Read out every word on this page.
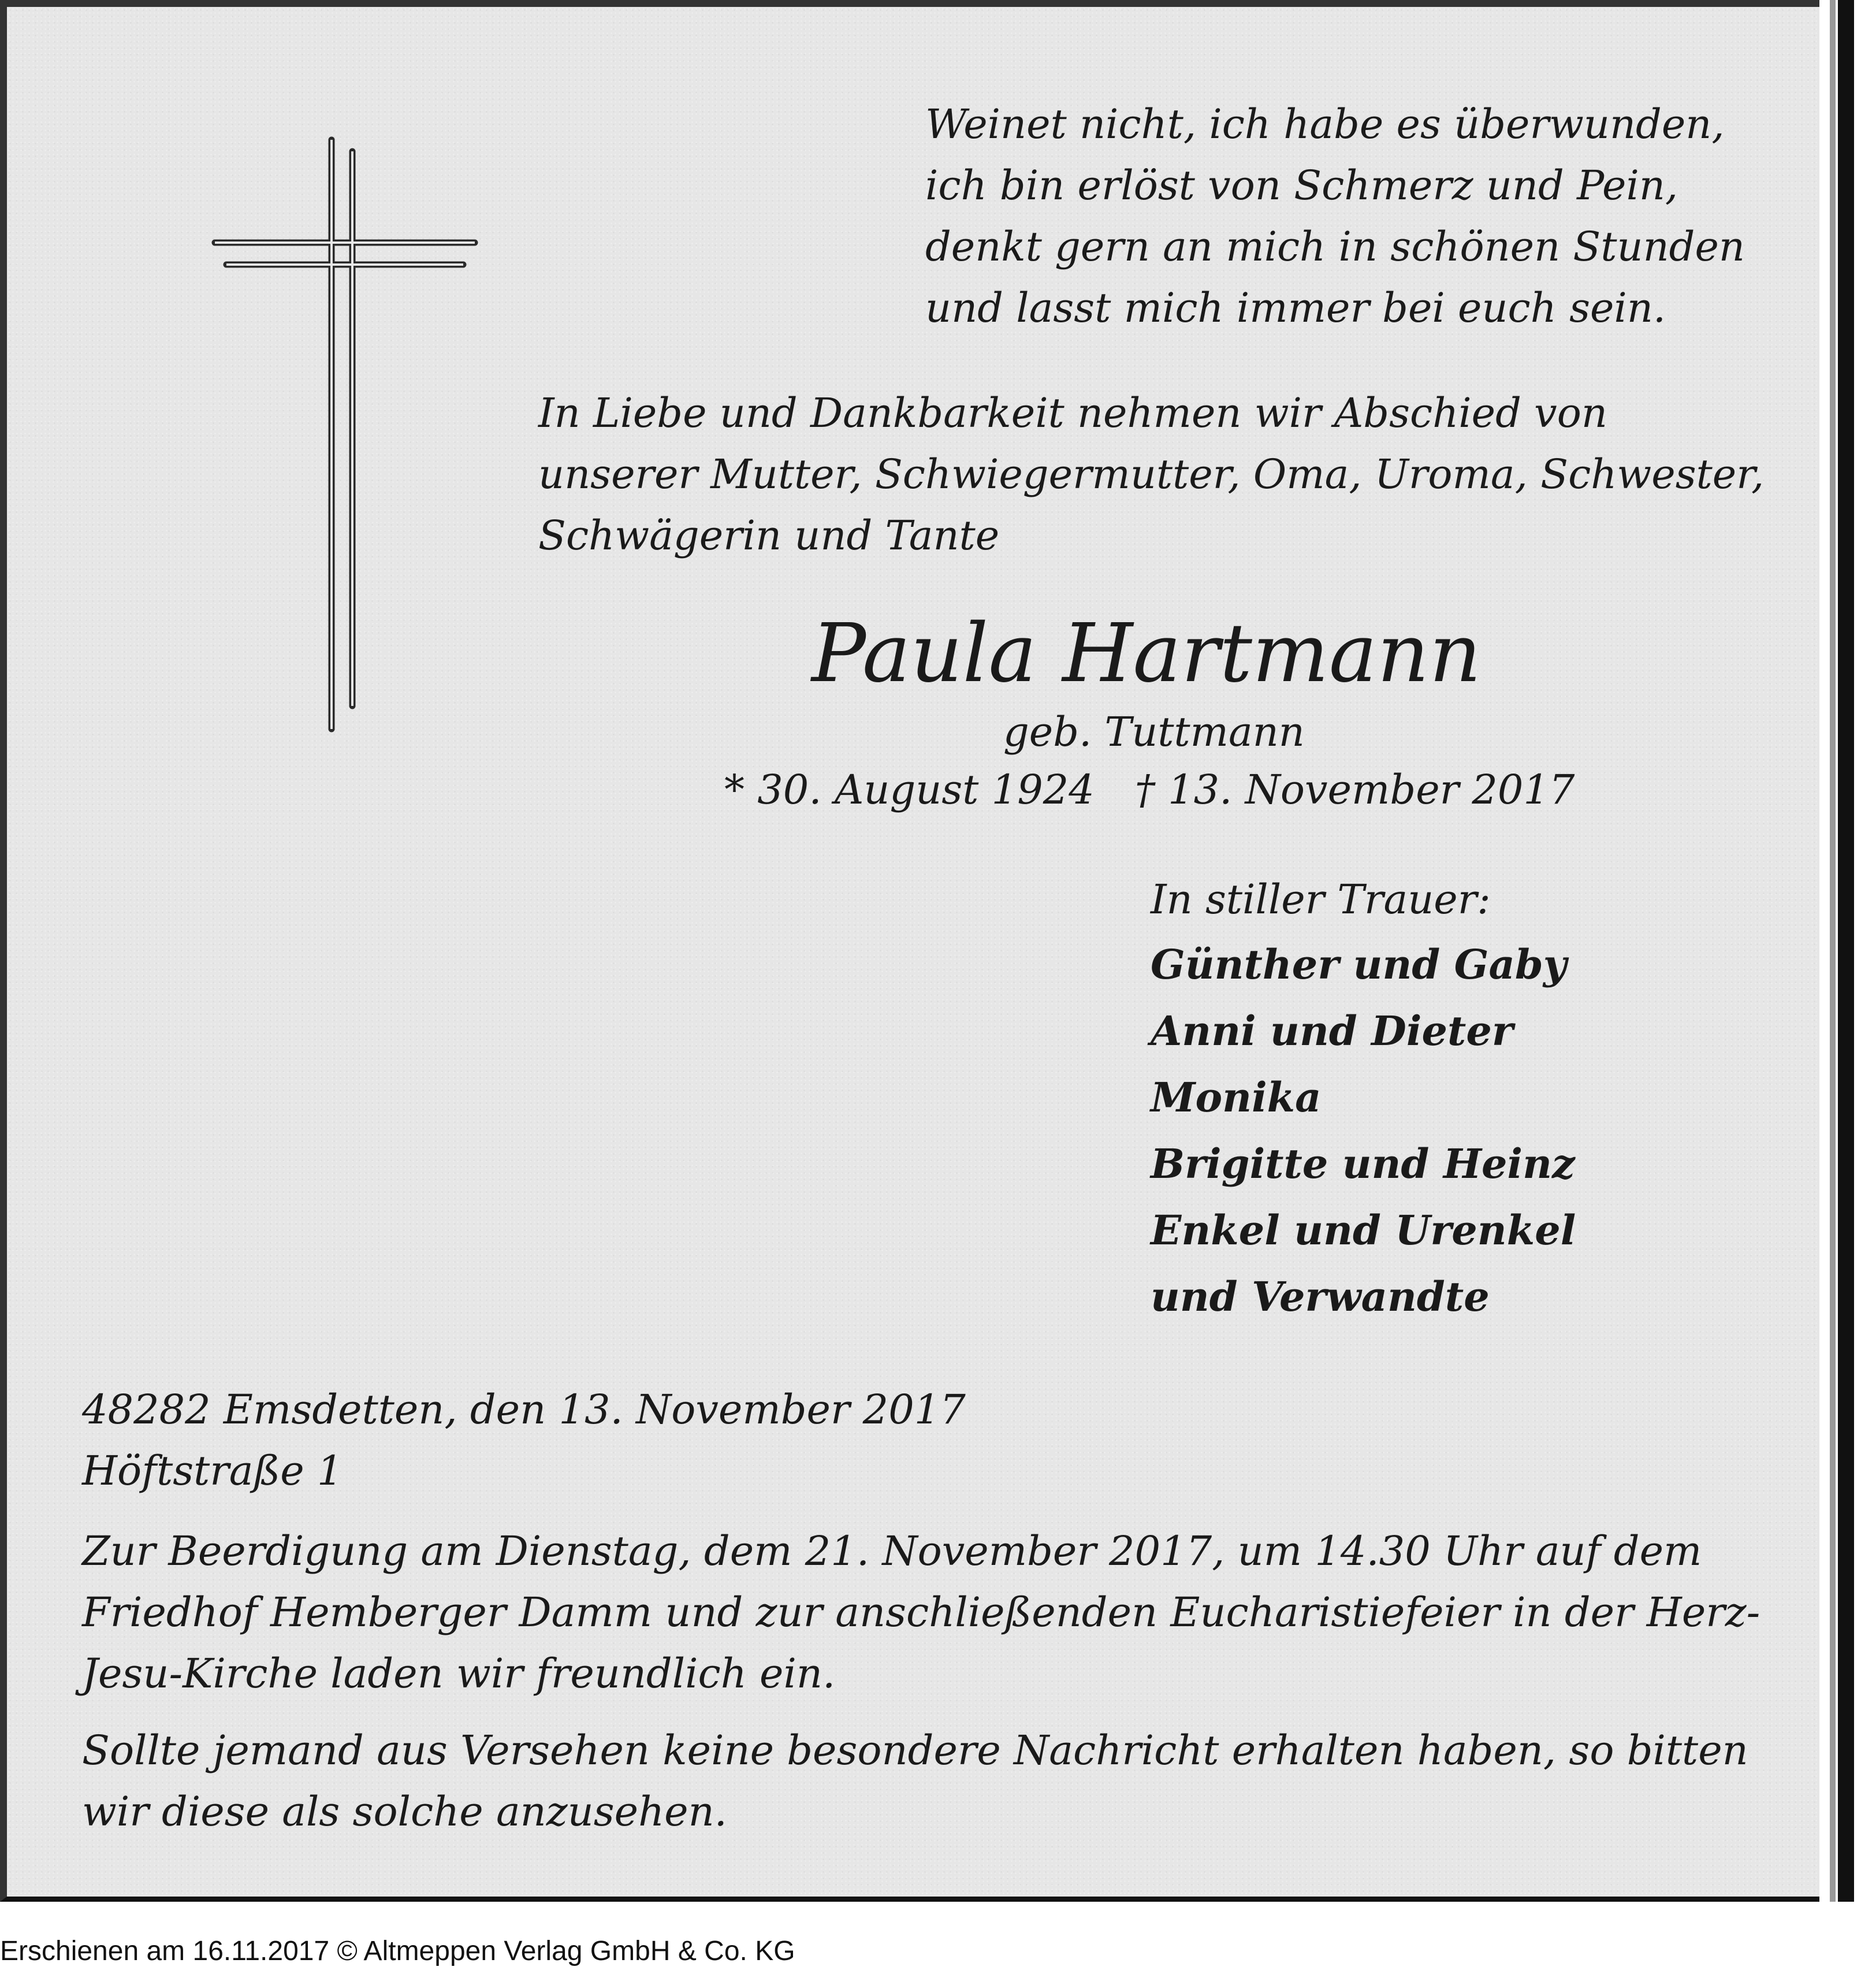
Weinet nicht, ich habe es überwunden,
ich bin erlöst von Schmerz und Pein,
denkt gern an mich in schönen Stunden
und lasst mich immer bei euch sein.
In Liebe und Dankbarkeit nehmen wir Abschied von
unserer Mutter, Schwiegermutter, Oma, Uroma, Schwester,
Schwägerin und Tante
Paula Hartmann
geb. Tuttmann
* 30. August 1924 † 13. November 2017
In stiller Trauer:
Günther und Gaby
Anni und Dieter
Monika
Brigitte und Heinz
Enkel und Urenkel
und Verwandte
48282 Emsdetten, den 13. November 2017
Höftstraße 1
Zur Beerdigung am Dienstag, dem 21. November 2017, um 14.30 Uhr auf dem
Friedhof Hemberger Damm und zur anschließenden Eucharistiefeier in der Herz-
Jesu-Kirche laden wir freundlich ein.
Sollte jemand aus Versehen keine besondere Nachricht erhalten haben, so bitten
wir diese als solche anzusehen.
Erschienen am 16.11.2017 © Altmeppen Verlag GmbH & Co. KG
